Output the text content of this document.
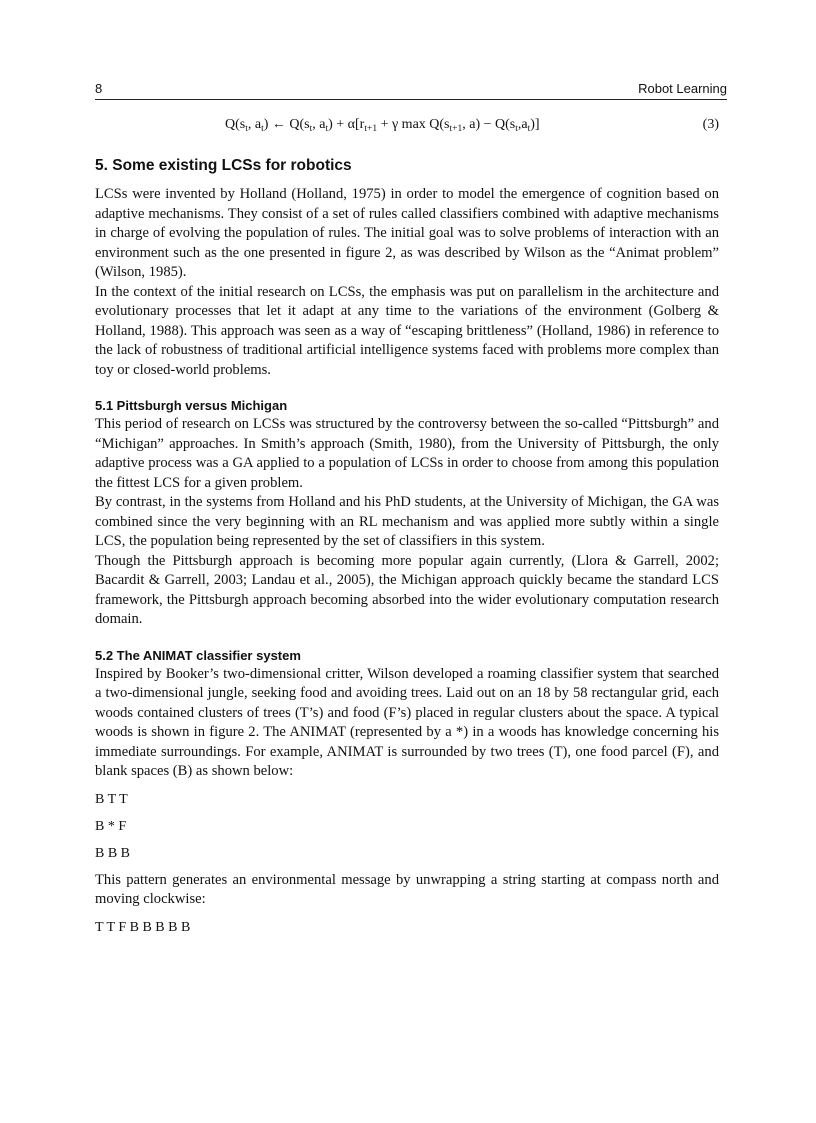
8	Robot Learning
$Q(s_t$, $a_t$) ← $Q(s_t$, $a_t) + \alpha[r_{t+1} + \gamma$ $\max Q(s_{t+1}$, $a) - Q(s_t,a_t)$]	(3)
5. Some existing LCSs for robotics

LCSs were invented by Holland (Holland, 1975) in order to model the emergence of cognition based on adaptive mechanisms. They consist of a set of rules called classifiers combined with adaptive mechanisms in charge of evolving the population of rules. The initial goal was to solve problems of interaction with an environment such as the one presented in figure 2, as was described by Wilson as the “Animat problem” (Wilson, 1985).

In the context of the initial research on LCSs, the emphasis was put on parallelism in the architecture and evolutionary processes that let it adapt at any time to the variations of the environment (Golberg & Holland, 1988). This approach was seen as a way of “escaping brittleness” (Holland, 1986) in reference to the lack of robustness of traditional artificial intelligence systems faced with problems more complex than toy or closed-world problems.

5.1 Pittsburgh versus Michigan

This period of research on LCSs was structured by the controversy between the so-called “Pittsburgh” and “Michigan” approaches. In Smith’s approach (Smith, 1980), from the University of Pittsburgh, the only adaptive process was a GA applied to a population of LCSs in order to choose from among this population the fittest LCS for a given problem.

By contrast, in the systems from Holland and his PhD students, at the University of Michigan, the GA was combined since the very beginning with an RL mechanism and was applied more subtly within a single LCS, the population being represented by the set of classifiers in this system.

Though the Pittsburgh approach is becoming more popular again currently, (Llora & Garrell, 2002; Bacardit & Garrell, 2003; Landau et al., 2005), the Michigan approach quickly became the standard LCS framework, the Pittsburgh approach becoming absorbed into the wider evolutionary computation research domain.

5.2 The ANIMAT classifier system

Inspired by Booker’s two-dimensional critter, Wilson developed a roaming classifier system that searched a two-dimensional jungle, seeking food and avoiding trees. Laid out on an 18 by 58 rectangular grid, each woods contained clusters of trees (T’s) and food (F’s) placed in regular clusters about the space. A typical woods is shown in figure 2. The ANIMAT (represented by a *) in a woods has knowledge concerning his immediate surroundings. For example, ANIMAT is surrounded by two trees (T), one food parcel (F), and blank spaces (B) as shown below:

B T T

B * F

B B B

This pattern generates an environmental message by unwrapping a string starting at compass north and moving clockwise:

T T F B B B B B
